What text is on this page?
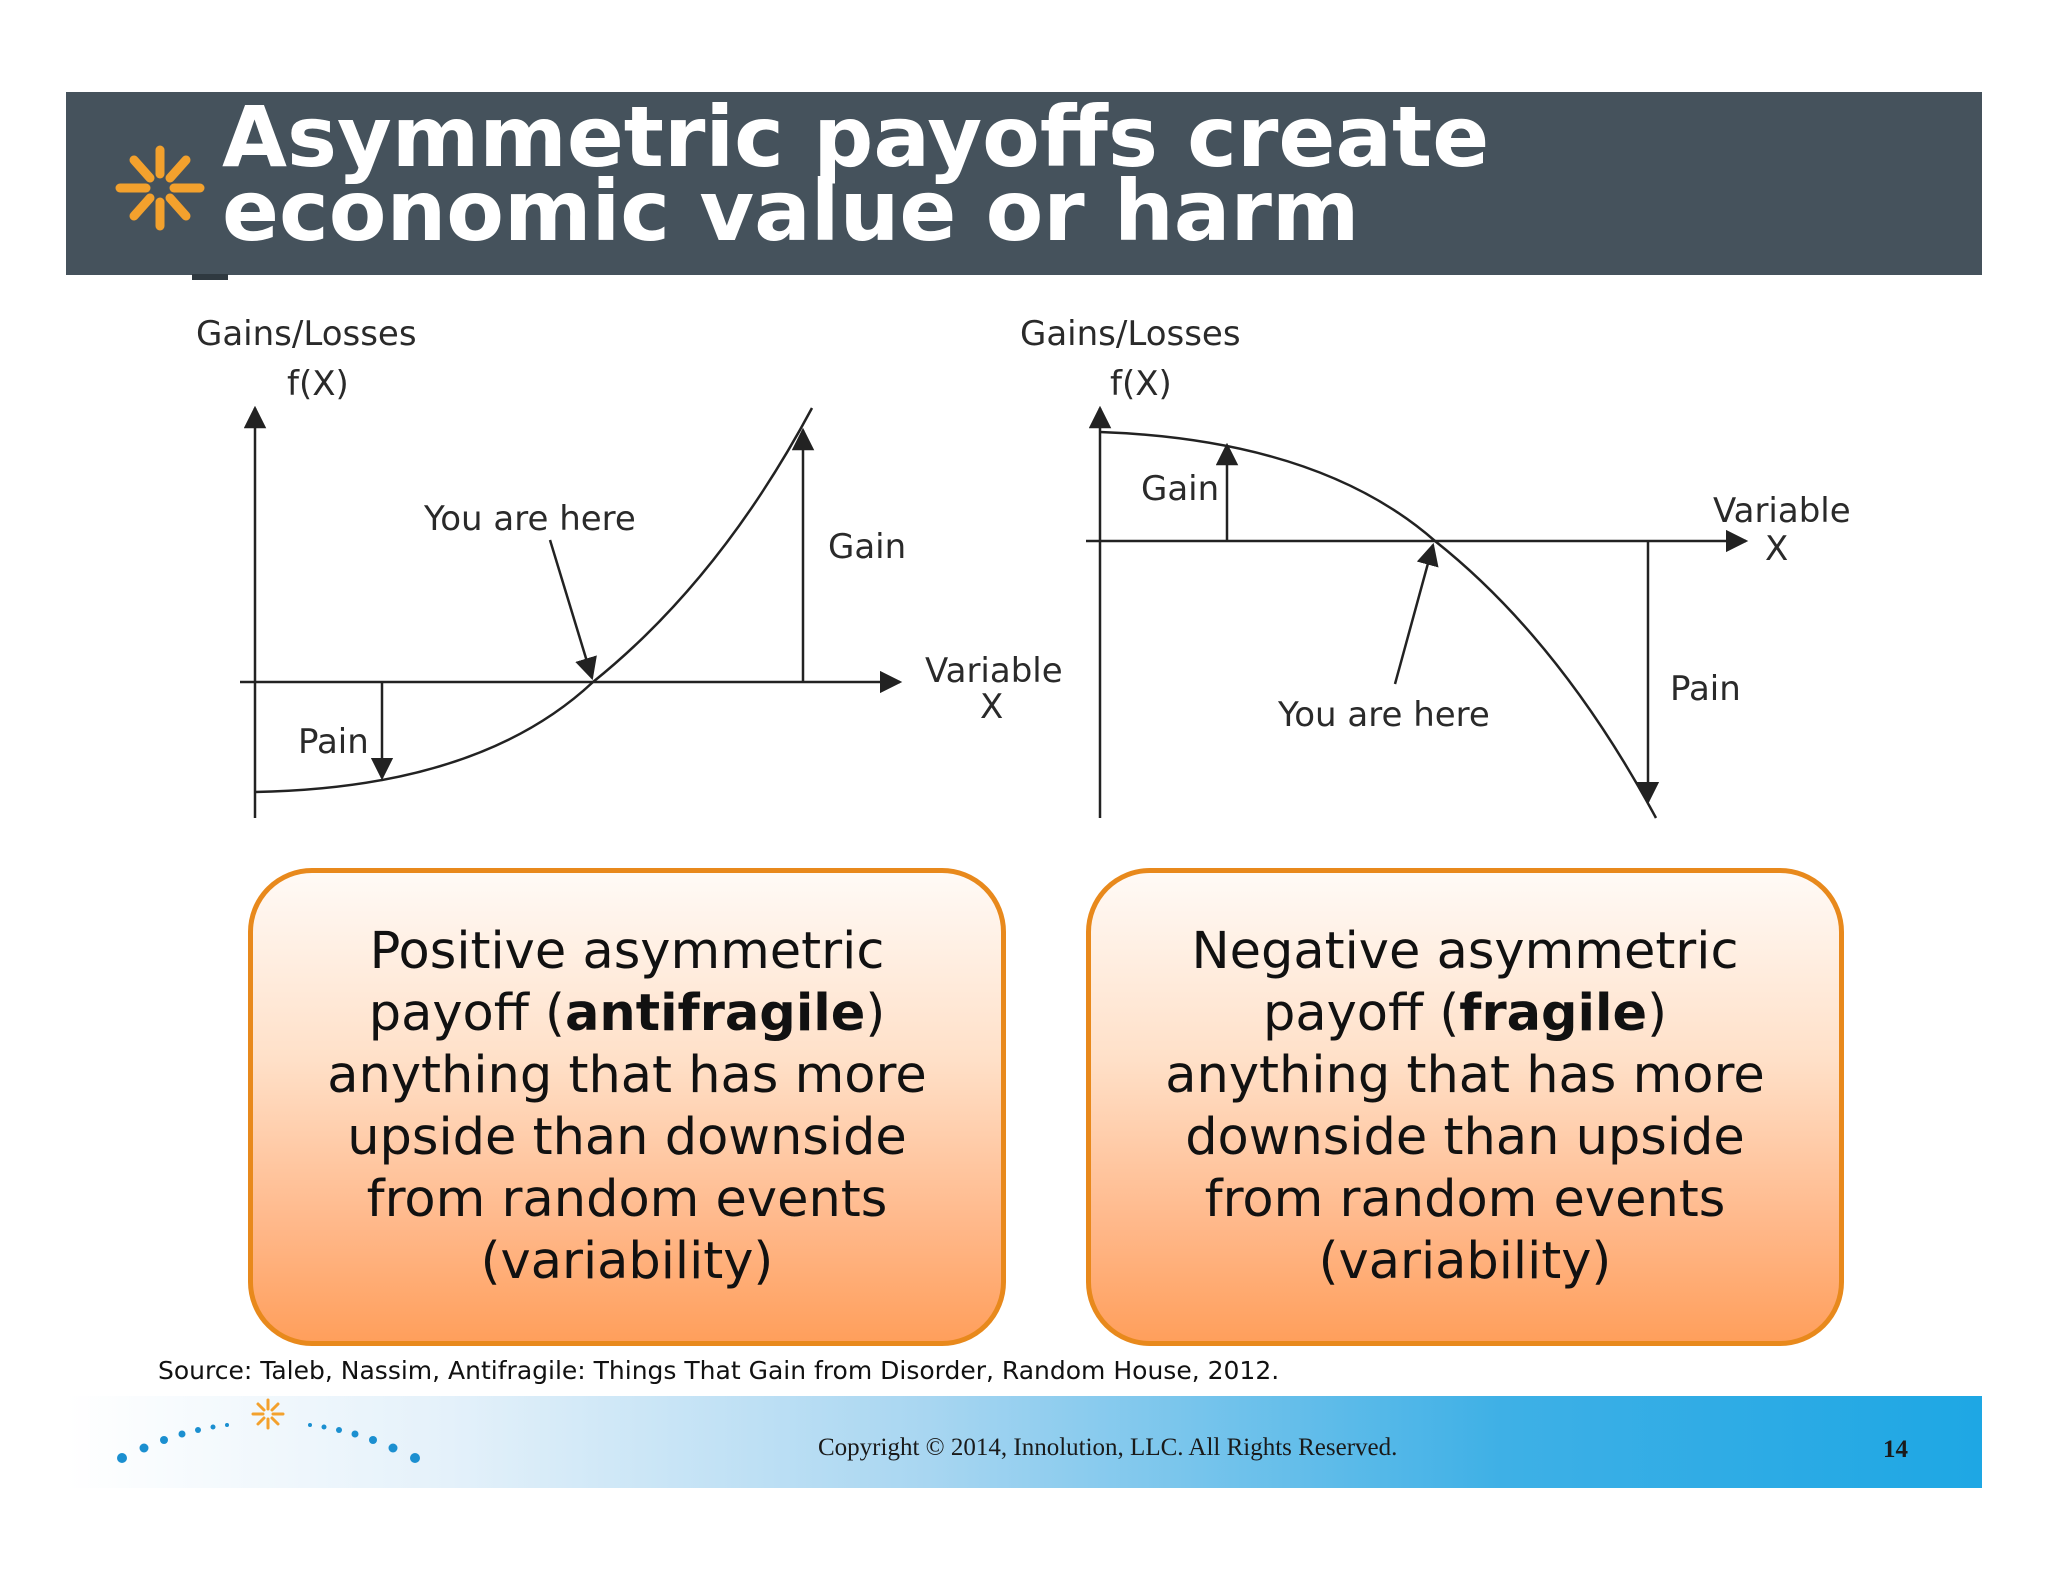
Asymmetric payoffs create
economic value or harm
Gains/Losses
f(X)
You are here
Gain
Pain
Variable
X
Gains/Losses
f(X)
Gain
Variable
X
Pain
You are here
Positive asymmetric
payoff (antifragile)
anything that has more
upside than downside
from random events
(variability)
Negative asymmetric
payoff (fragile)
anything that has more
downside than upside
from random events
(variability)
Source: Taleb, Nassim, Antifragile: Things That Gain from Disorder, Random House, 2012.
Copyright © 2014, Innolution, LLC. All Rights Reserved.	14
